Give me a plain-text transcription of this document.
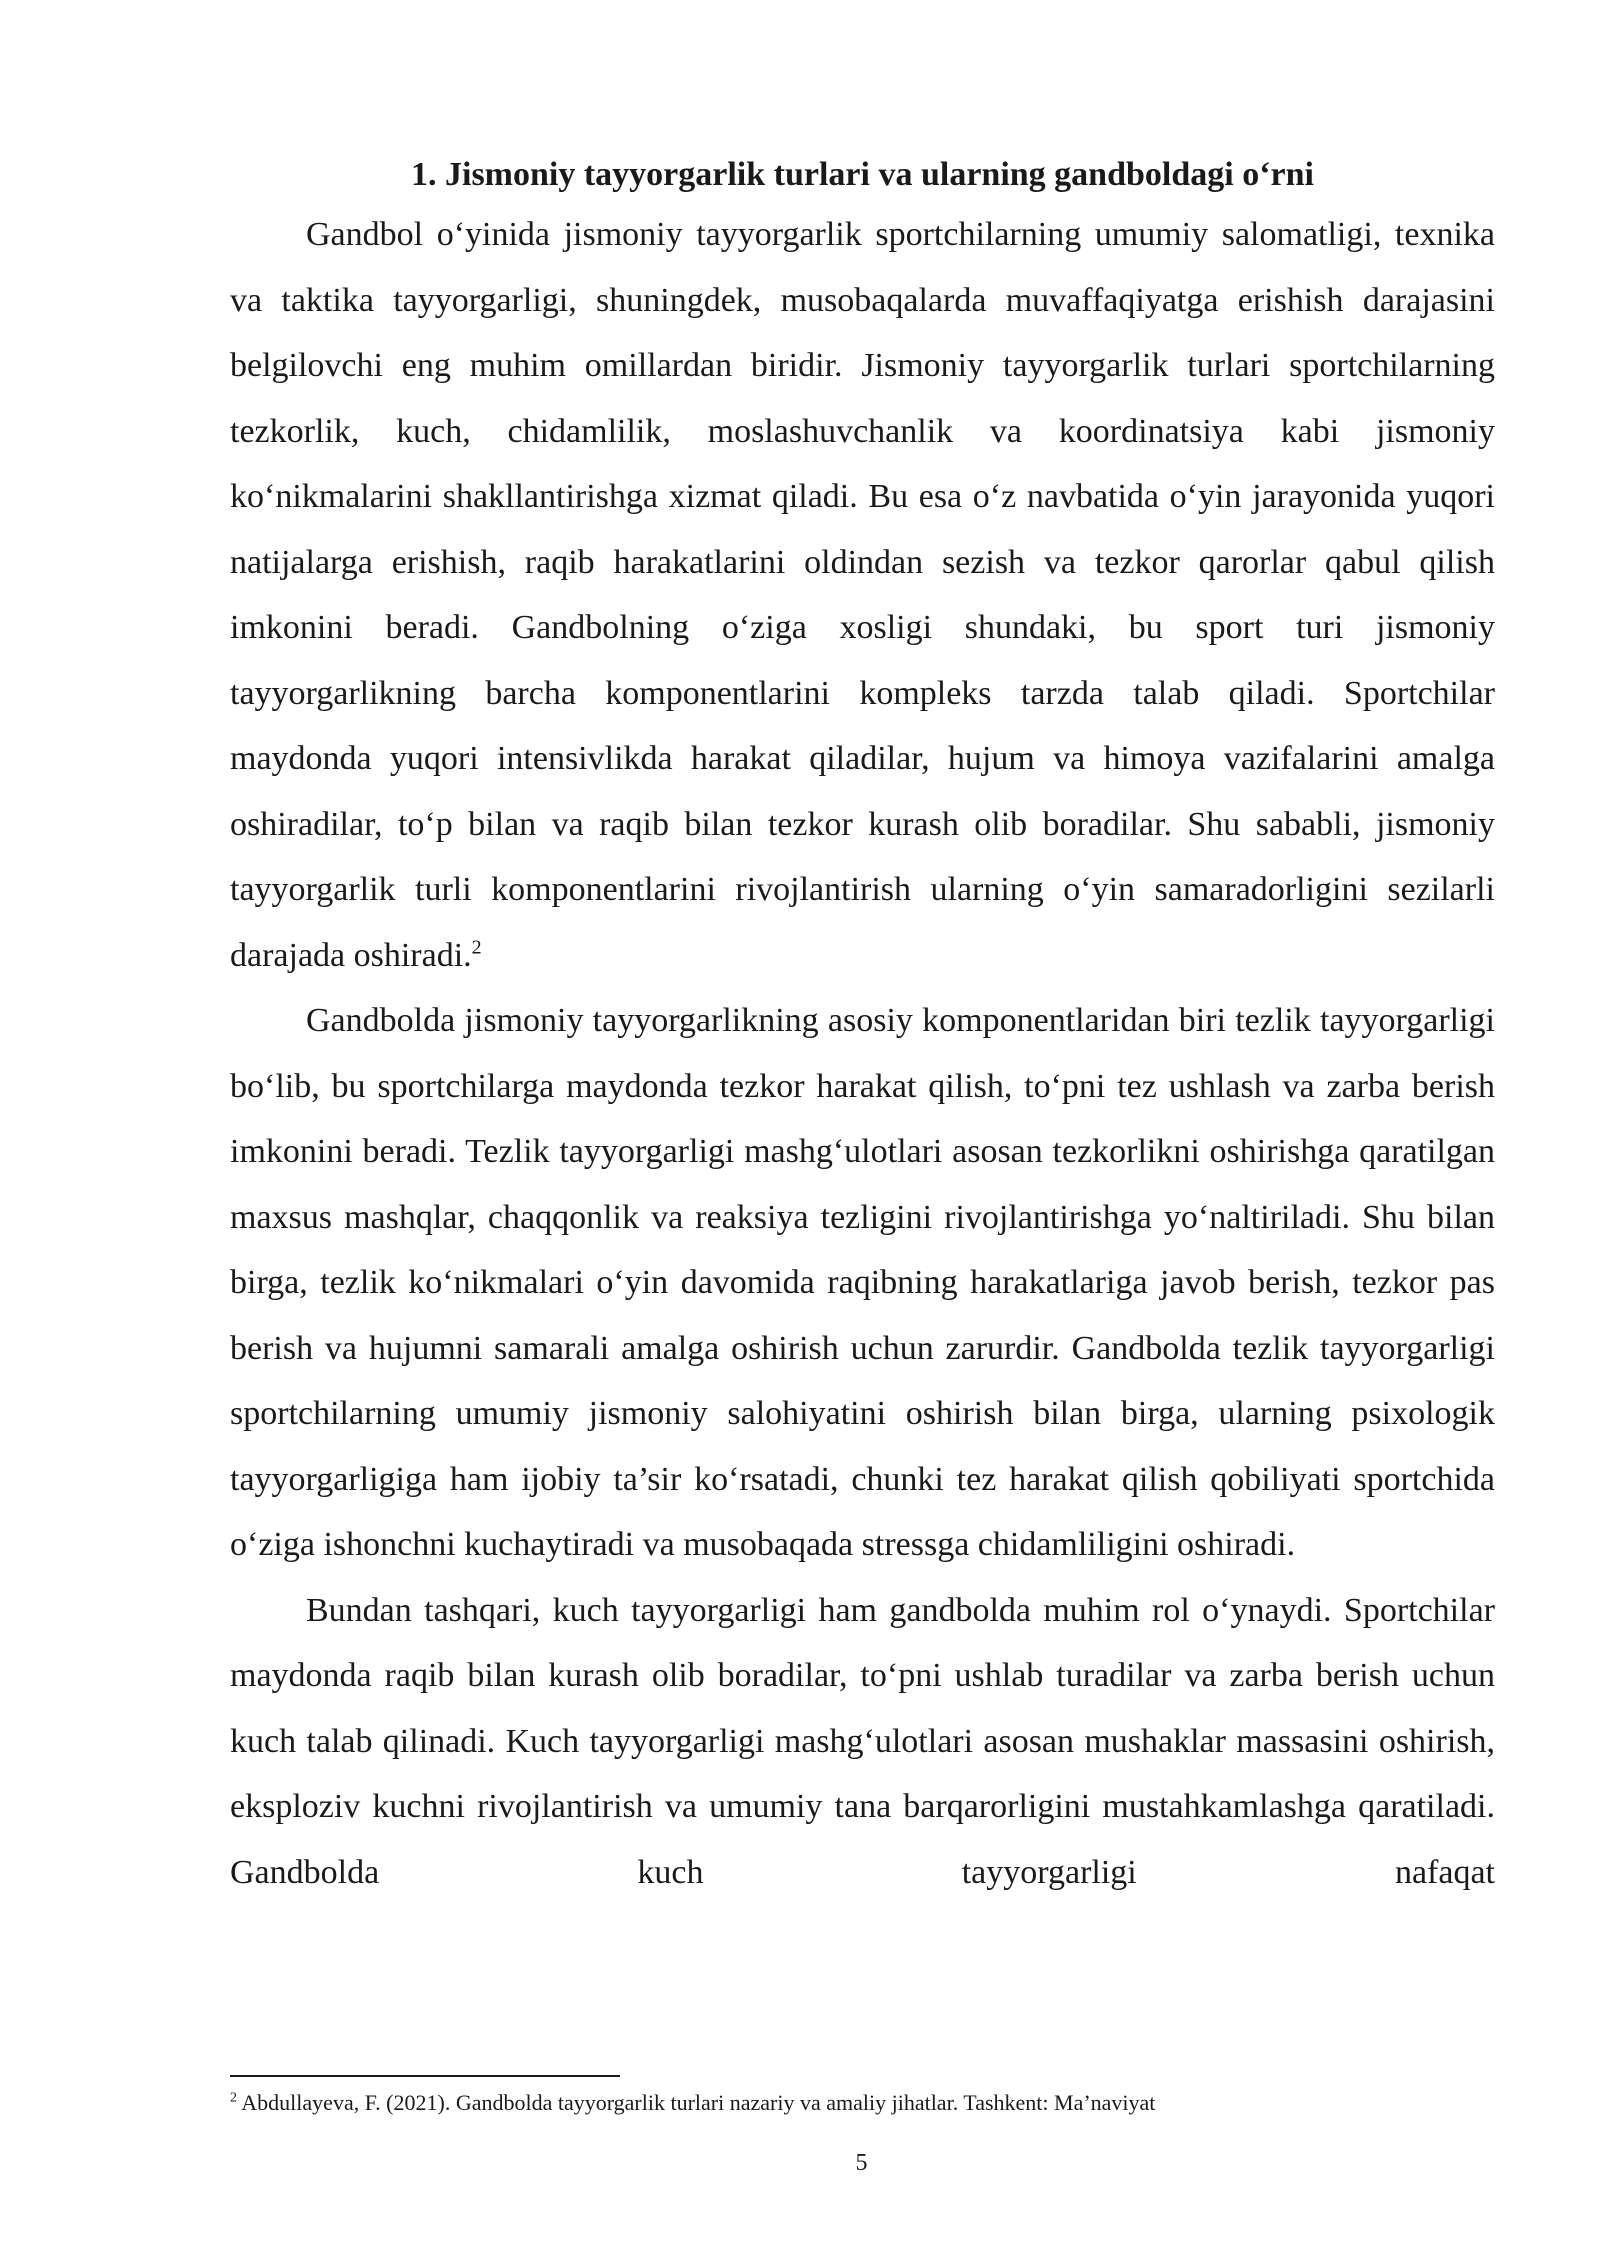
1. Jismoniy tayyorgarlik turlari va ularning gandboldagi o‘rni

Gandbol o‘yinida jismoniy tayyorgarlik sportchilarning umumiy salomatligi, texnika va taktika tayyorgarligi, shuningdek, musobaqalarda muvaffaqiyatga erishish darajasini belgilovchi eng muhim omillardan biridir. Jismoniy tayyorgarlik turlari sportchilarning tezkorlik, kuch, chidamlilik, moslashuvchanlik va koordinatsiya kabi jismoniy ko‘nikmalarini shakllantirishga xizmat qiladi. Bu esa o‘z navbatida o‘yin jarayonida yuqori natijalarga erishish, raqib harakatlarini oldindan sezish va tezkor qarorlar qabul qilish imkonini beradi. Gandbolning o‘ziga xosligi shundaki, bu sport turi jismoniy tayyorgarlikning barcha komponentlarini kompleks tarzda talab qiladi. Sportchilar maydonda yuqori intensivlikda harakat qiladilar, hujum va himoya vazifalarini amalga oshiradilar, to‘p bilan va raqib bilan tezkor kurash olib boradilar. Shu sababli, jismoniy tayyorgarlik turli komponentlarini rivojlantirish ularning o‘yin samaradorligini sezilarli darajada oshiradi.$^2$

Gandbolda jismoniy tayyorgarlikning asosiy komponentlaridan biri tezlik tayyorgarligi bo‘lib, bu sportchilarga maydonda tezkor harakat qilish, to‘pni tez ushlash va zarba berish imkonini beradi. Tezlik tayyorgarligi mashg‘ulotlari asosan tezkorlikni oshirishga qaratilgan maxsus mashqlar, chaqqonlik va reaksiya tezligini rivojlantirishga yo‘naltiriladi. Shu bilan birga, tezlik ko‘nikmalari o‘yin davomida raqibning harakatlariga javob berish, tezkor pas berish va hujumni samarali amalga oshirish uchun zarurdir. Gandbolda tezlik tayyorgarligi sportchilarning umumiy jismoniy salohiyatini oshirish bilan birga, ularning psixologik tayyorgarligiga ham ijobiy ta’sir ko‘rsatadi, chunki tez harakat qilish qobiliyati sportchida o‘ziga ishonchni kuchaytiradi va musobaqada stressga chidamliligini oshiradi.

Bundan tashqari, kuch tayyorgarligi ham gandbolda muhim rol o‘ynaydi. Sportchilar maydonda raqib bilan kurash olib boradilar, to‘pni ushlab turadilar va zarba berish uchun kuch talab qilinadi. Kuch tayyorgarligi mashg‘ulotlari asosan mushaklar massasini oshirish, eksploziv kuchni rivojlantirish va umumiy tana barqarorligini mustahkamlashga qaratiladi. Gandbolda kuch tayyorgarligi nafaqat

$^2$ Abdullayeva, F. (2021). Gandbolda tayyorgarlik turlari nazariy va amaliy jihatlar. Tashkent: Ma’naviyat

5
